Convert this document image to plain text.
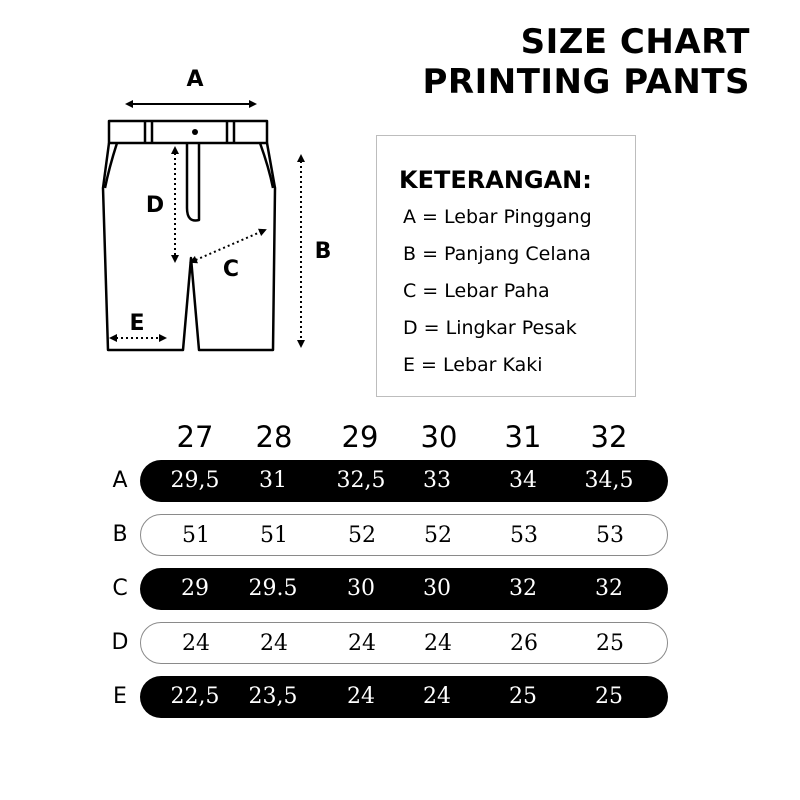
SIZE CHART
PRINTING PANTS
A
B
C
D
E
KETERANGAN:
A = Lebar Pinggang
B = Panjang Celana
C = Lebar Paha
D = Lingkar Pesak
E = Lebar Kaki
27	28	29	30	31	32
A	29,5	31	32,5	33	34	34,5
B	51	51	52	52	53	53
C	29	29.5	30	30	32	32
D	24	24	24	24	26	25
E	22,5	23,5	24	24	25	25
